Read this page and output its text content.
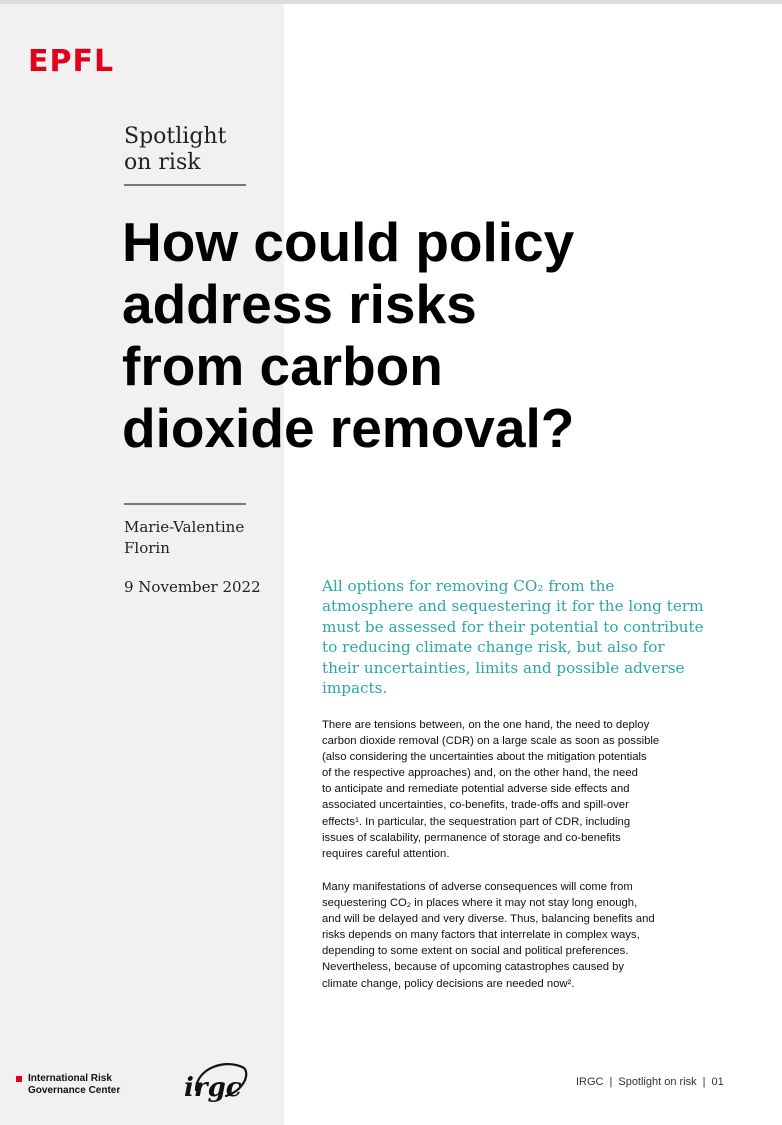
EPFL
Spotlight
on risk
How could policy
address risks
from carbon
dioxide removal?
Marie-Valentine
Florin
9 November 2022	All options for removing CO₂ from the
atmosphere and sequestering it for the long term
must be assessed for their potential to contribute
to reducing climate change risk, but also for
their uncertainties, limits and possible adverse
impacts.
There are tensions between, on the one hand, the need to deploy
carbon dioxide removal (CDR) on a large scale as soon as possible
(also considering the uncertainties about the mitigation potentials
of the respective approaches) and, on the other hand, the need
to anticipate and remediate potential adverse side effects and
associated uncertainties, co-benefits, trade-offs and spill-over
effects¹. In particular, the sequestration part of CDR, including
issues of scalability, permanence of storage and co-benefits
requires careful attention.
Many manifestations of adverse consequences will come from
sequestering CO₂ in places where it may not stay long enough,
and will be delayed and very diverse. Thus, balancing benefits and
risks depends on many factors that interrelate in complex ways,
depending to some extent on social and political preferences.
Nevertheless, because of upcoming catastrophes caused by
climate change, policy decisions are needed now².
International Risk
Governance Center irgc	IRGC | Spotlight on risk | 01
